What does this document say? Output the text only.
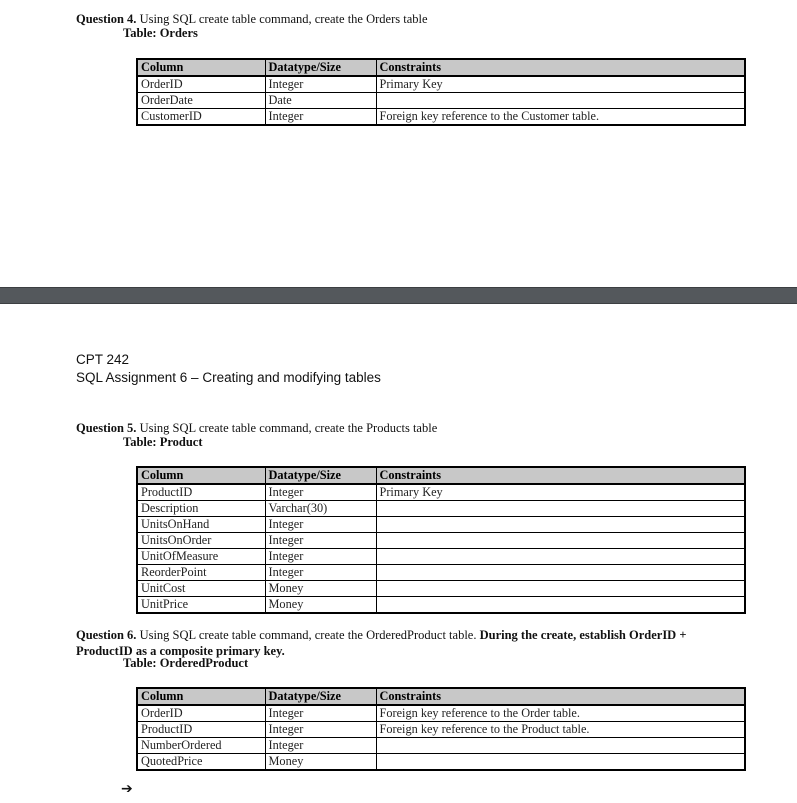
Question 4. Using SQL create table command, create the Orders table
Table: Orders
Column	Datatype/Size	Constraints
OrderID	Integer	Primary Key
OrderDate	Date	
CustomerID	Integer	Foreign key reference to the Customer table.
CPT 242
SQL Assignment 6 – Creating and modifying tables
Question 5. Using SQL create table command, create the Products table
Table: Product
Column	Datatype/Size	Constraints
ProductID	Integer	Primary Key
Description	Varchar(30)	
UnitsOnHand	Integer	
UnitsOnOrder	Integer	
UnitOfMeasure	Integer	
ReorderPoint	Integer	
UnitCost	Money	
UnitPrice	Money	
Question 6. Using SQL create table command, create the OrderedProduct table. During the create, establish OrderID + ProductID as a composite primary key.
Table: OrderedProduct
Column	Datatype/Size	Constraints
OrderID	Integer	Foreign key reference to the Order table.
ProductID	Integer	Foreign key reference to the Product table.
NumberOrdered	Integer	
QuotedPrice	Money	
➔
